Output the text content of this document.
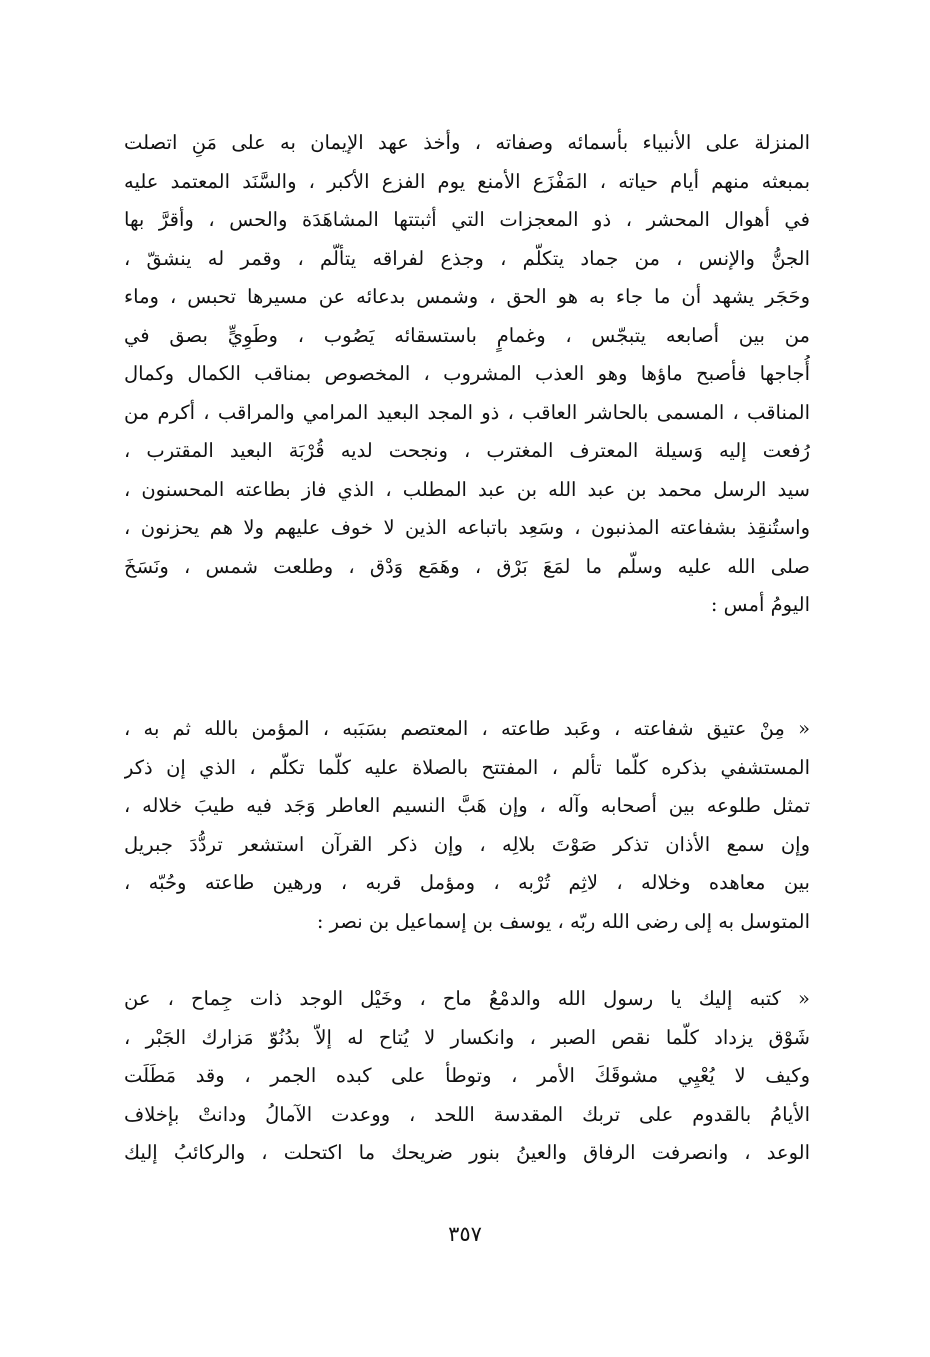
المنزلة على الأنبياء بأسمائه وصفاته ، وأخذ عهد الإيمان به على مَنِ اتصلت
بمبعثه منهم أيام حياته ، المَفْزَع الأمنع يوم الفزع الأكبر ، والسَّنَد المعتمد عليه
في أهوال المحشر ، ذو المعجزات التي أثبتتها المشاهَدَة والحس ، وأقرَّ بها
الجنُّ والإنس ، من جماد يتكلّم ، وجذع لفراقه يتألّم ، وقمر له ينشقّ ،
وحَجَر يشهد أن ما جاء به هو الحق ، وشمس بدعائه عن مسيرها تحبس ، وماء
من بين أصابعه يتبجّس ، وغمامٍ باستسقائه يَصُوب ، وطَوِيٍّ بصق في
أُجاجها فأصبح ماؤها وهو العذب المشروب ، المخصوص بمناقب الكمال وكمال
المناقب ، المسمى بالحاشر العاقب ، ذو المجد البعيد المرامي والمراقب ، أكرم من
رُفعت إليه وَسيلة المعترف المغترب ، ونجحت لديه قُرْبَة البعيد المقترب ،
سيد الرسل محمد بن عبد الله بن عبد المطلب ، الذي فاز بطاعته المحسنون ،
واستُنقِذ بشفاعته المذنبون ، وسَعِد باتباعه الذين لا خوف عليهم ولا هم يحزنون ،
صلى الله عليه وسلّم ما لمَعَ بَرْق ، وهَمَع وَدْق ، وطلعت شمس ، ونَسَخَ
اليومُ أمس :
« مِنْ عتيق شفاعته ، وعَبد طاعته ، المعتصم بسَبَبه ، المؤمن بالله ثم به ،
المستشفي بذكره كلّما تألم ، المفتتح بالصلاة عليه كلّما تكلّم ، الذي إن ذكر
تمثل طلوعه بين أصحابه وآله ، وإن هَبَّ النسيم العاطر وَجَد فيه طيبَ خلاله ،
وإن سمع الأذان تذكر صَوْتَ بلالِه ، وإن ذكر القرآن استشعر تردُّدَ جبريل
بين معاهده وخلاله ، لاثِم تُرْبه ، ومؤمل قربه ، ورهين طاعته وحُبّه ،
المتوسل به إلى رضى الله ربّه ، يوسف بن إسماعيل بن نصر :
« كتبه إليك يا رسول الله والدمْعُ ماح ، وخَيْل الوجد ذات جِماح ، عن
شَوْق يزداد كلّما نقص الصبر ، وانكسار لا يُتاح له إلاّ بدُنُوّ مَزارك الجَبْر ،
وكيف لا يُعْيِي مشوقَكَ الأمر ، وتوطأ على كبده الجمر ، وقد مَطَلَت
الأيامُ بالقدوم على تربك المقدسة اللحد ، ووعدت الآمالُ ودانتْ بإخلاف
الوعد ، وانصرفت الرفاق والعينُ بنور ضريحك ما اكتحلت ، والركائبُ إليك
٣٥٧
